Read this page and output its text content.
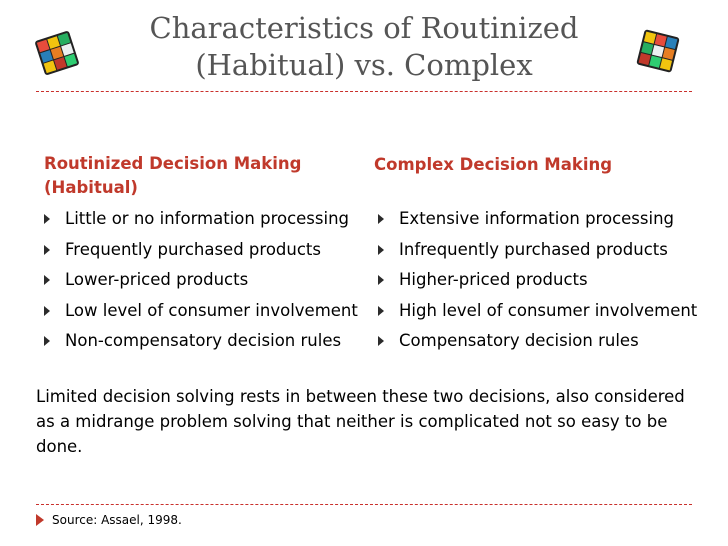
Characteristics of Routinized
(Habitual) vs. Complex
Routinized Decision Making
(Habitual)
Little or no information processing
Frequently purchased products
Lower-priced products
Low level of consumer involvement
Non-compensatory decision rules
Complex Decision Making
Extensive information processing
Infrequently purchased products
Higher-priced products
High level of consumer involvement
Compensatory decision rules
Limited decision solving rests in between these two decisions, also considered
as a midrange problem solving that neither is complicated not so easy to be
done.
Source: Assael, 1998.
